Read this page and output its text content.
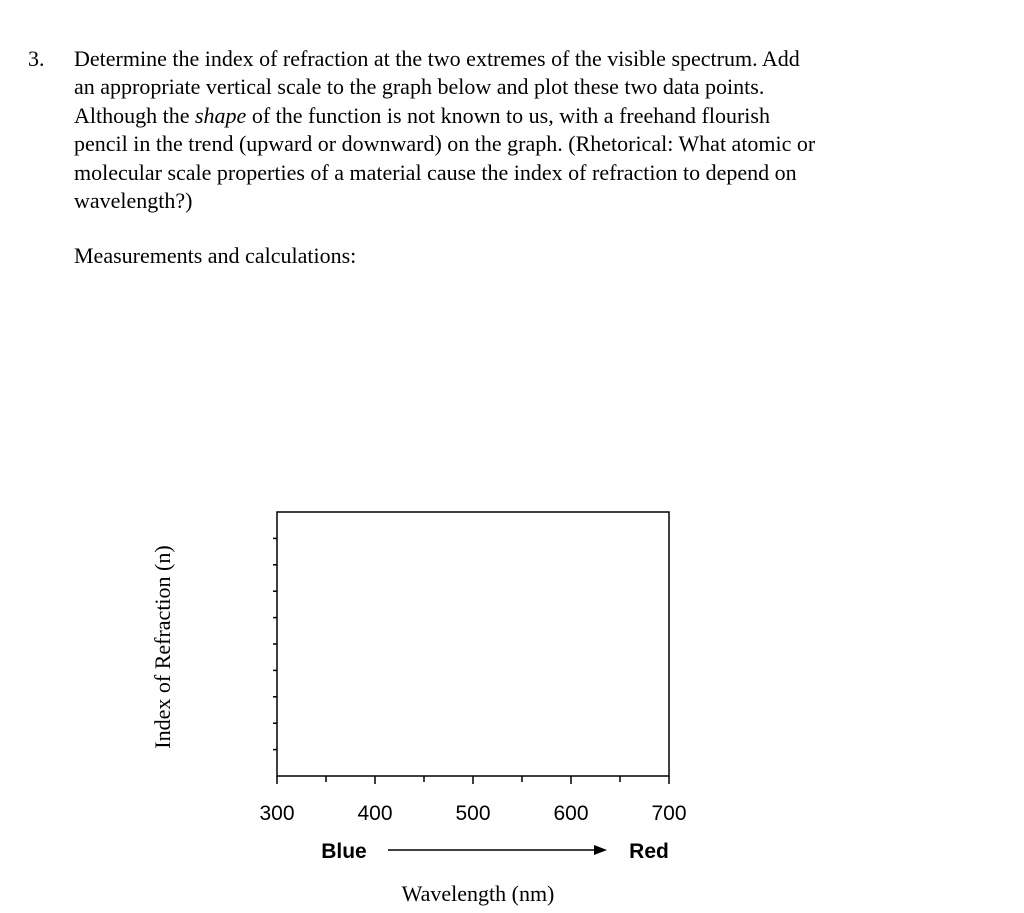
3. Determine the index of refraction at the two extremes of the visible spectrum. Add
an appropriate vertical scale to the graph below and plot these two data points.
Although the shape of the function is not known to us, with a freehand flourish
pencil in the trend (upward or downward) on the graph. (Rhetorical: What atomic or
molecular scale properties of a material cause the index of refraction to depend on
wavelength?)
Measurements and calculations:
300	400	500	600	700
Blue	Red
Wavelength (nm)
Index of Refraction (n)
